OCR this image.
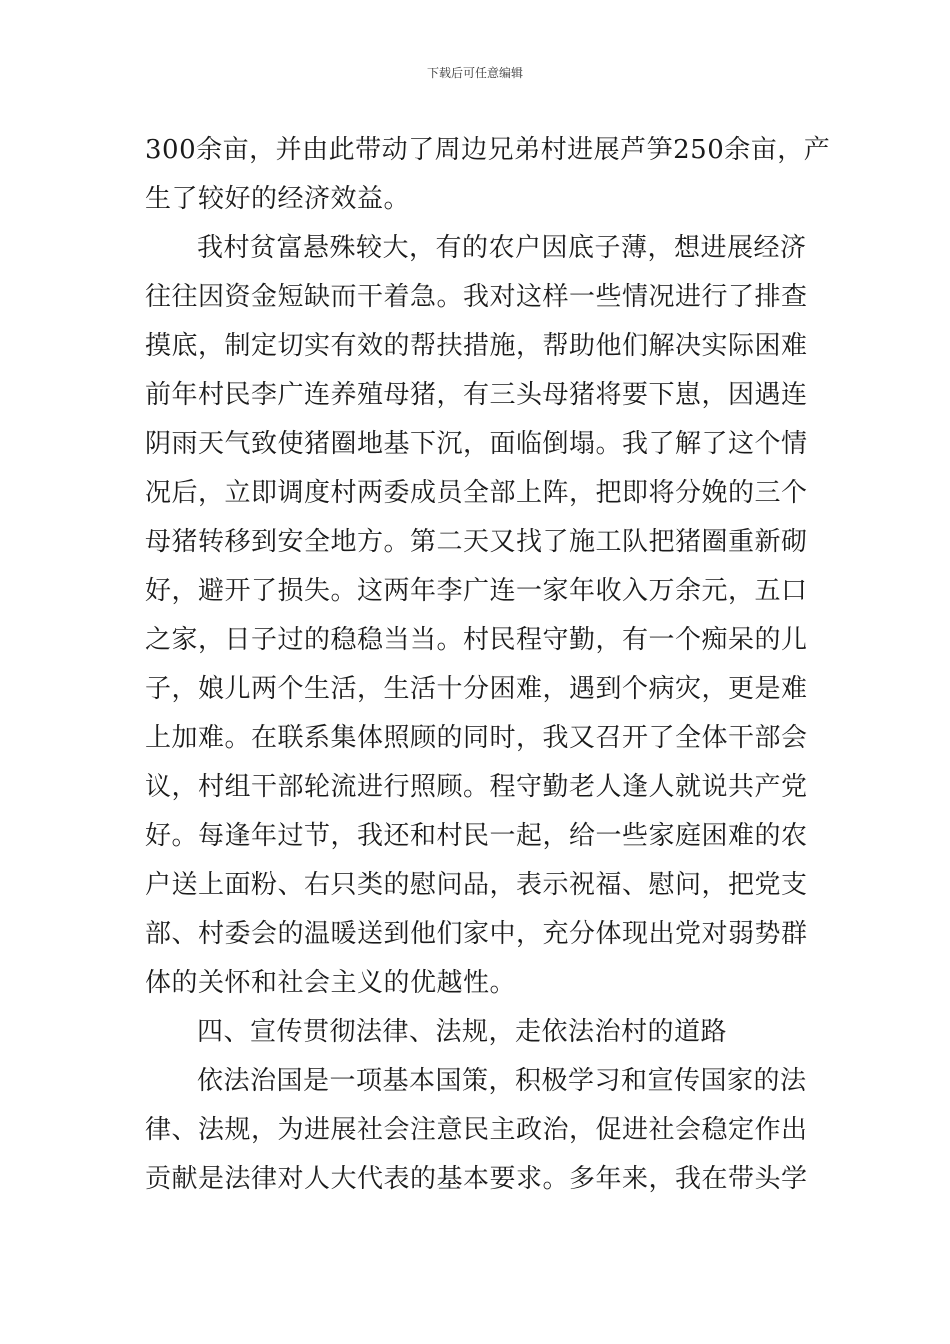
下载后可任意编辑
300余亩，并由此带动了周边兄弟村进展芦笋250余亩，产
生了较好的经济效益。
我村贫富悬殊较大，有的农户因底子薄，想进展经济
往往因资金短缺而干着急。我对这样一些情况进行了排查
摸底，制定切实有效的帮扶措施，帮助他们解决实际困难
前年村民李广连养殖母猪，有三头母猪将要下崽，因遇连
阴雨天气致使猪圈地基下沉，面临倒塌。我了解了这个情
况后，立即调度村两委成员全部上阵，把即将分娩的三个
母猪转移到安全地方。第二天又找了施工队把猪圈重新砌
好，避开了损失。这两年李广连一家年收入万余元，五口
之家，日子过的稳稳当当。村民程守勤，有一个痴呆的儿
子，娘儿两个生活，生活十分困难，遇到个病灾，更是难
上加难。在联系集体照顾的同时，我又召开了全体干部会
议，村组干部轮流进行照顾。程守勤老人逢人就说共产党
好。每逢年过节，我还和村民一起，给一些家庭困难的农
户送上面粉、右只类的慰问品，表示祝福、慰问，把党支
部、村委会的温暖送到他们家中，充分体现出党对弱势群
体的关怀和社会主义的优越性。
四、宣传贯彻法律、法规，走依法治村的道路
依法治国是一项基本国策，积极学习和宣传国家的法
律、法规，为进展社会注意民主政治，促进社会稳定作出
贡献是法律对人大代表的基本要求。多年来，我在带头学
